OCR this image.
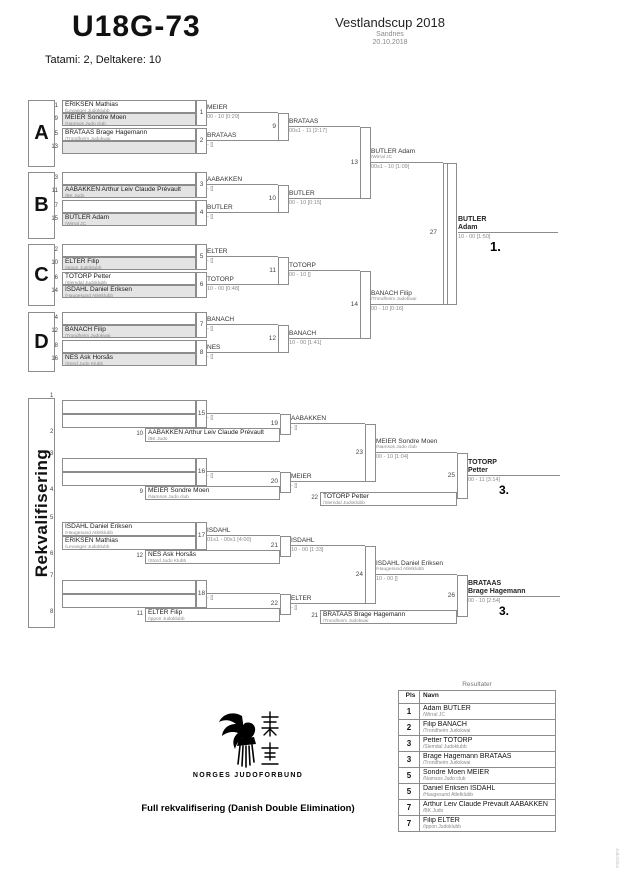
U18G-73	Vestlandscup 2018
Sandnes
20.10.2018
Tatami: 2, Deltakere: 10
A
B
C
D
1 ERIKSEN Mathias
/Levanger Judoklubb
9 MEIER Sondre Moen
/Namsos Judo club
5 BRATAAS Brage Hagemann
/Trondheim Judokwai
13
3
11 AABAKKEN Arthur Leiv Claude Prévault
/BK Judo
7
15 BUTLER Adam
/Wirral JC
2
10 ELTER Filip
/Ippon Judoklubb
6 TOTORP Petter
/Slemdal Judoklubb
14 ISDAHL Daniel Eriksen
/Haugesund Atletklubb
4
12 BANACH Filip
/Trondheim Judokwai
8
16 NES Ask Horsås
/Stord Judo Klubb
1
2
3
4
5
6
7
8
MEIER
00 - 10 [0:29]
BRATAAS
- []
AABAKKEN
- []
BUTLER
- []
ELTER
- []
TOTORP
10 - 00 [0:48]
BANACH
- []
NES
- []
9
BRATAAS
00s1 - 11 [2:17]
10
BUTLER
00 - 10 [0:15]
11
TOTORP
00 - 10 []
12
BANACH
10 - 00 [1:41]
13
BUTLER Adam
/Wirral JC
00s1 - 10 [1:09]
14
BANACH Filip
/Trondheim Judokwai
00 - 10 [0:16]
27
BUTLER
Adam
10 - 00 [1:50]
1.
Rekvalifisering
1
2
3
4
5
ISDAHL Daniel Eriksen
/Haugesund Atletklubb
ERIKSEN Mathias
/Levanger Judoklubb
6
7
8
10 AABAKKEN Arthur Leiv Claude Prévault
/BK Judo
9 MEIER Sondre Moen
/Namsos Judo club
12 NES Ask Horsås
/Stord Judo Klubb
11 ELTER Filip
/Ippon Judoklubb
22 TOTORP Petter
/Slemdal Judoklubb
21 BRATAAS Brage Hagemann
/Trondheim Judokwai
15
- []
16
- []
17
ISDAHL
01s1 - 00s1 [4:00]
18
- []
19
AABAKKEN
- []
20
MEIER
- []
21
ISDAHL
10 - 00 [1:33]
22
ELTER
- []
23
MEIER Sondre Moen
/Namsos Judo club
00 - 10 [1:04]
24
ISDAHL Daniel Eriksen
/Haugesund Atletklubb
10 - 00 []
25
TOTORP
Petter
00 - 11 [3:14]
3.
26
BRATAAS
Brage Hagemann
00 - 10 [2:54]
3.
NORGES JUDOFORBUND
Full rekvalifisering (Danish Double Elimination)
Resultater
Pls	Navn
1	Adam BUTLER
/Wirral JC

2	Filip BANACH
/Trondheim Judokwai

3	Petter TOTORP
/Slemdal Judoklubb

3	Brage Hagemann BRATAAS
/Trondheim Judokwai

5	Sondre Moen MEIER
/Namsos Judo club

5	Daniel Eriksen ISDAHL
/Haugesund Atletklubb

7	Arthur Leiv Claude Prévault AABAKKEN
/BK Judo

7	Filip ELTER
/Ippon Judoklubb
JudoShiai
